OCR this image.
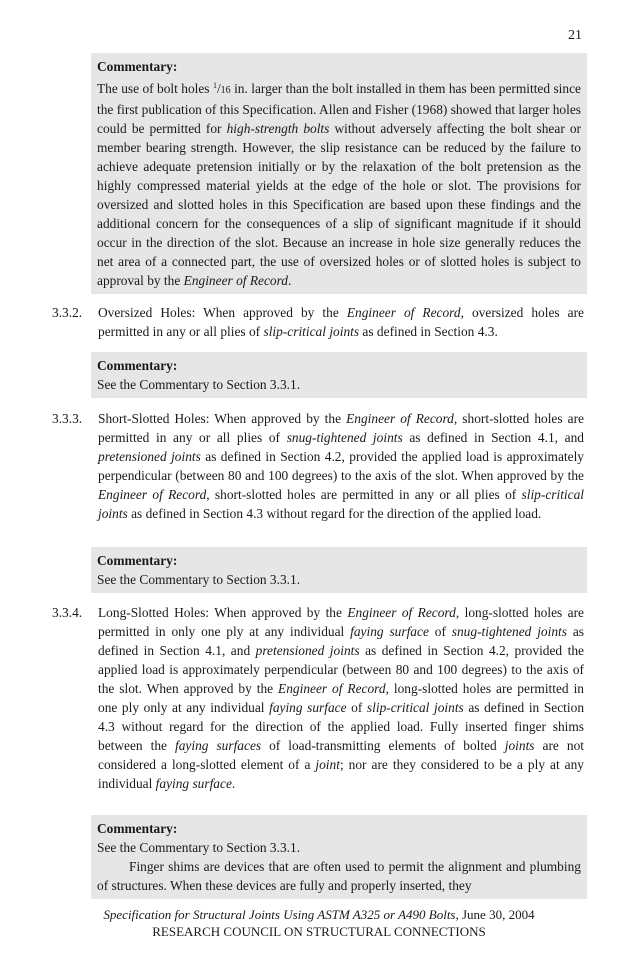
21
Commentary:

The use of bolt holes $^1$/16 in. larger than the bolt installed in them has been permitted since the first publication of this Specification. Allen and Fisher (1968) showed that larger holes could be permitted for high-strength bolts without adversely affecting the bolt shear or member bearing strength. However, the slip resistance can be reduced by the failure to achieve adequate pretension initially or by the relaxation of the bolt pretension as the highly compressed material yields at the edge of the hole or slot. The provisions for oversized and slotted holes in this Specification are based upon these findings and the additional concern for the consequences of a slip of significant magnitude if it should occur in the direction of the slot. Because an increase in hole size generally reduces the net area of a connected part, the use of oversized holes or of slotted holes is subject to approval by the Engineer of Record.

3.3.2. Oversized Holes: When approved by the Engineer of Record, oversized holes are permitted in any or all plies of slip-critical joints as defined in Section 4.3.
Commentary:

See the Commentary to Section 3.3.1.

3.3.3. Short-Slotted Holes: When approved by the Engineer of Record, short-slotted holes are permitted in any or all plies of snug-tightened joints as defined in Section 4.1, and pretensioned joints as defined in Section 4.2, provided the applied load is approximately perpendicular (between 80 and 100 degrees) to the axis of the slot. When approved by the Engineer of Record, short-slotted holes are permitted in any or all plies of slip-critical joints as defined in Section 4.3 without regard for the direction of the applied load.
Commentary:

See the Commentary to Section 3.3.1.

3.3.4. Long-Slotted Holes: When approved by the Engineer of Record, long-slotted holes are permitted in only one ply at any individual faying surface of snug-tightened joints as defined in Section 4.1, and pretensioned joints as defined in Section 4.2, provided the applied load is approximately perpendicular (between 80 and 100 degrees) to the axis of the slot. When approved by the Engineer of Record, long-slotted holes are permitted in one ply only at any individual faying surface of slip-critical joints as defined in Section 4.3 without regard for the direction of the applied load. Fully inserted finger shims between the faying surfaces of load-transmitting elements of bolted joints are not considered a long-slotted element of a joint; nor are they considered to be a ply at any individual faying surface.
Commentary:

See the Commentary to Section 3.3.1.

Finger shims are devices that are often used to permit the alignment and plumbing of structures. When these devices are fully and properly inserted, they
Specification for Structural Joints Using ASTM A325 or A490 Bolts, June 30, 2004
RESEARCH COUNCIL ON STRUCTURAL CONNECTIONS
